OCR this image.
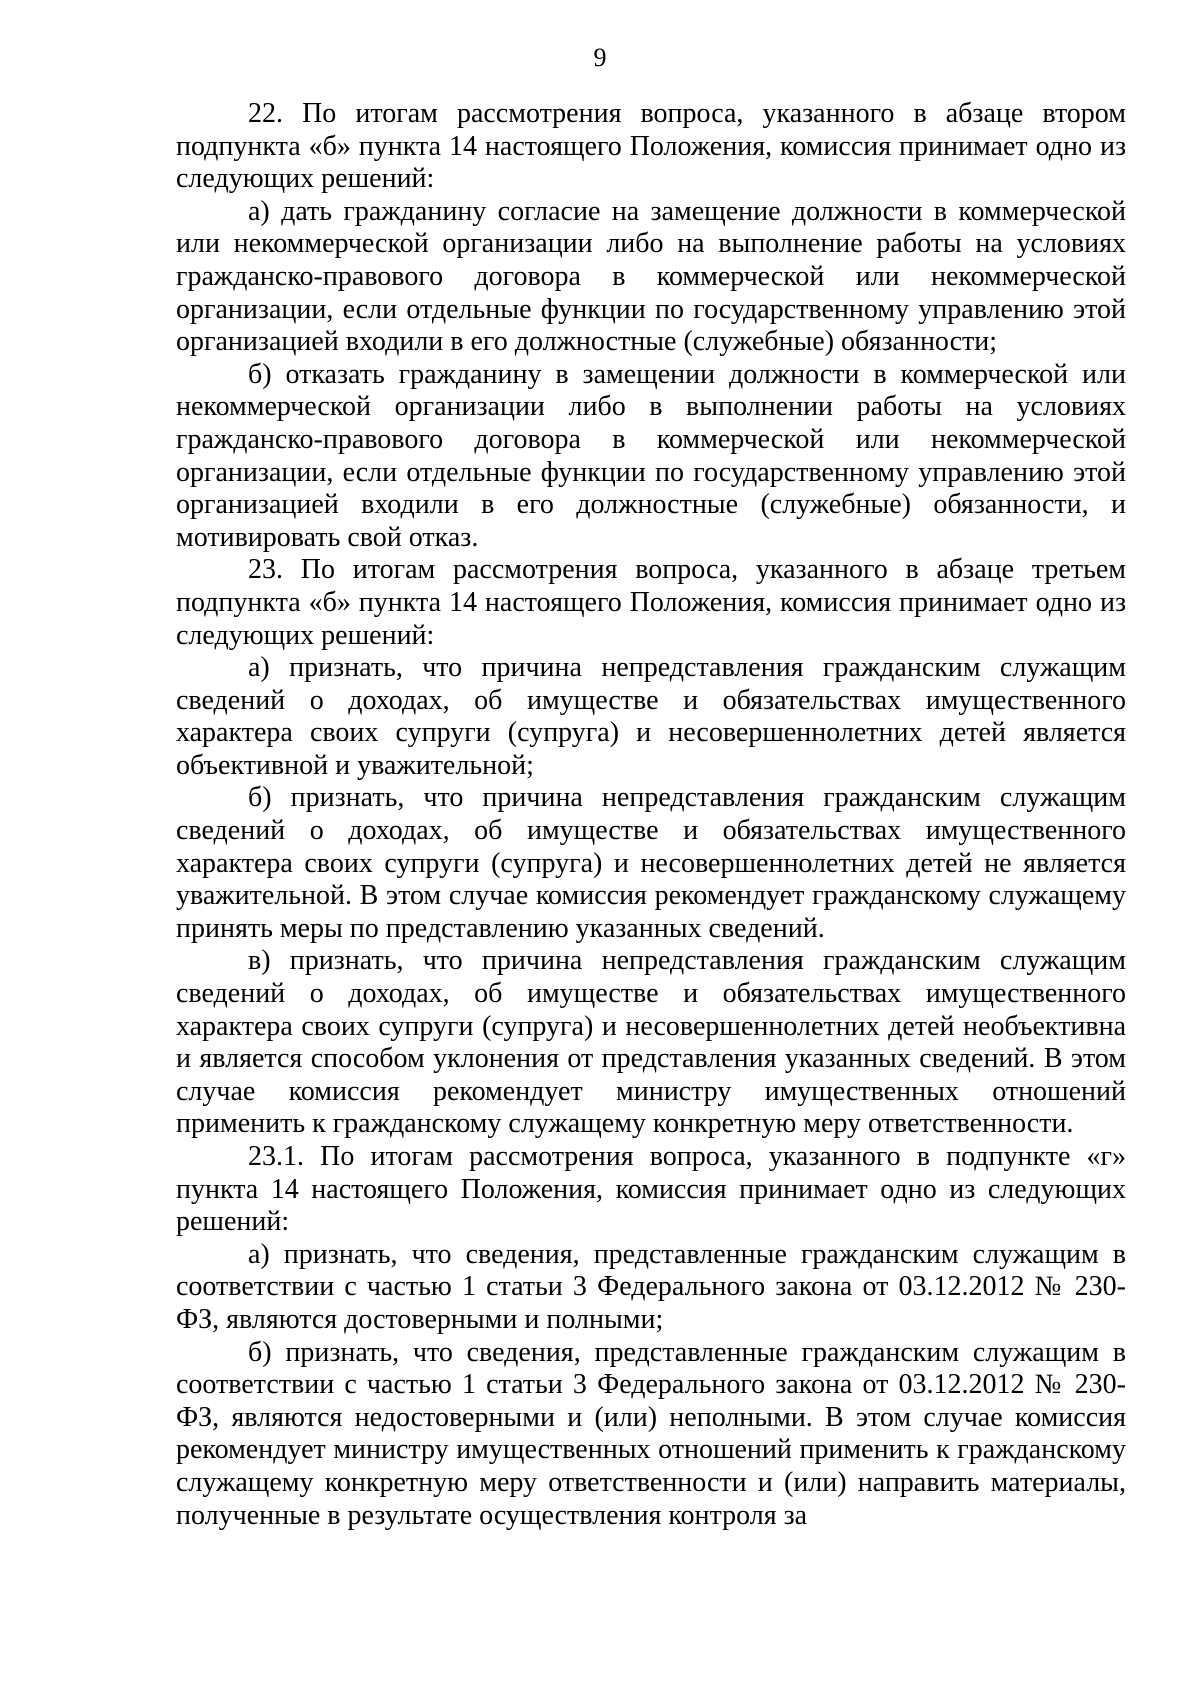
9

22. По итогам рассмотрения вопроса, указанного в абзаце втором подпункта «б» пункта 14 настоящего Положения, комиссия принимает одно из следующих решений:

а) дать гражданину согласие на замещение должности в коммерческой или некоммерческой организации либо на выполнение работы на условиях гражданско-правового договора в коммерческой или некоммерческой организации, если отдельные функции по государственному управлению этой организацией входили в его должностные (служебные) обязанности;

б) отказать гражданину в замещении должности в коммерческой или некоммерческой организации либо в выполнении работы на условиях гражданско-правового договора в коммерческой или некоммерческой организации, если отдельные функции по государственному управлению этой организацией входили в его должностные (служебные) обязанности, и мотивировать свой отказ.

23. По итогам рассмотрения вопроса, указанного в абзаце третьем подпункта «б» пункта 14 настоящего Положения, комиссия принимает одно из следующих решений:

а) признать, что причина непредставления гражданским служащим сведений о доходах, об имуществе и обязательствах имущественного характера своих супруги (супруга) и несовершеннолетних детей является объективной и уважительной;

б) признать, что причина непредставления гражданским служащим сведений о доходах, об имуществе и обязательствах имущественного характера своих супруги (супруга) и несовершеннолетних детей не является уважительной. В этом случае комиссия рекомендует гражданскому служащему принять меры по представлению указанных сведений.

в) признать, что причина непредставления гражданским служащим сведений о доходах, об имуществе и обязательствах имущественного характера своих супруги (супруга) и несовершеннолетних детей необъективна и является способом уклонения от представления указанных сведений. В этом случае комиссия рекомендует министру имущественных отношений применить к гражданскому служащему конкретную меру ответственности.

23.1. По итогам рассмотрения вопроса, указанного в подпункте «г» пункта 14 настоящего Положения, комиссия принимает одно из следующих решений:

а) признать, что сведения, представленные гражданским служащим в соответствии с частью 1 статьи 3 Федерального закона от 03.12.2012 № 230-ФЗ, являются достоверными и полными;

б) признать, что сведения, представленные гражданским служащим в соответствии с частью 1 статьи 3 Федерального закона от 03.12.2012 № 230-ФЗ, являются недостоверными и (или) неполными. В этом случае комиссия рекомендует министру имущественных отношений применить к гражданскому служащему конкретную меру ответственности и (или) направить материалы, полученные в результате осуществления контроля за
